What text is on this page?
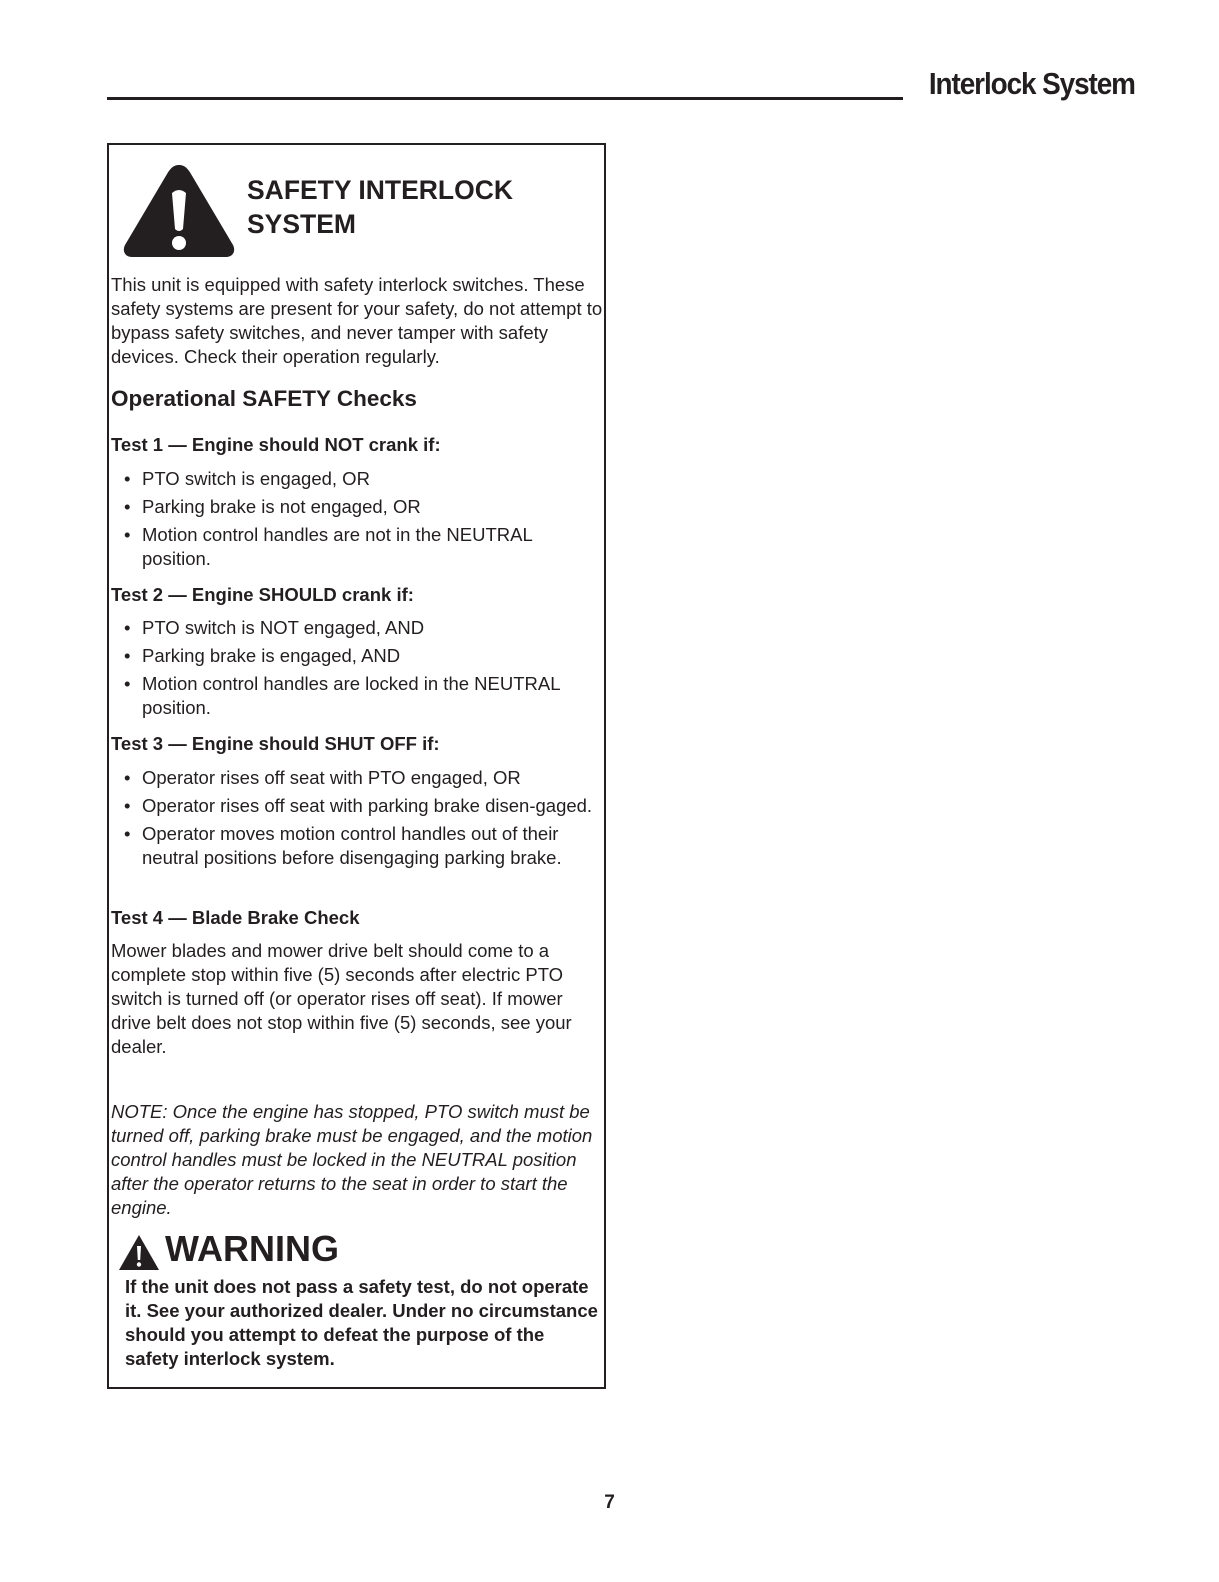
Interlock System
SAFETY INTERLOCK SYSTEM
This unit is equipped with safety interlock switches. These safety systems are present for your safety, do not attempt to bypass safety switches, and never tamper with safety devices. Check their operation regularly.
Operational SAFETY Checks
Test 1 — Engine should NOT crank if:
• PTO switch is engaged, OR
• Parking brake is not engaged, OR
• Motion control handles are not in the NEUTRAL position.
Test 2 — Engine SHOULD crank if:
• PTO switch is NOT engaged, AND
• Parking brake is engaged, AND
• Motion control handles are locked in the NEUTRAL position.
Test 3 — Engine should SHUT OFF if:
• Operator rises off seat with PTO engaged, OR
• Operator rises off seat with parking brake disen-gaged.
• Operator moves motion control handles out of their neutral positions before disengaging parking brake.
Test 4 — Blade Brake Check
Mower blades and mower drive belt should come to a complete stop within five (5) seconds after electric PTO switch is turned off (or operator rises off seat). If mower drive belt does not stop within five (5) seconds, see your dealer.
NOTE: Once the engine has stopped, PTO switch must be turned off, parking brake must be engaged, and the motion control handles must be locked in the NEUTRAL position after the operator returns to the seat in order to start the engine.
WARNING
If the unit does not pass a safety test, do not operate it. See your authorized dealer. Under no circumstance should you attempt to defeat the purpose of the safety interlock system.
7
